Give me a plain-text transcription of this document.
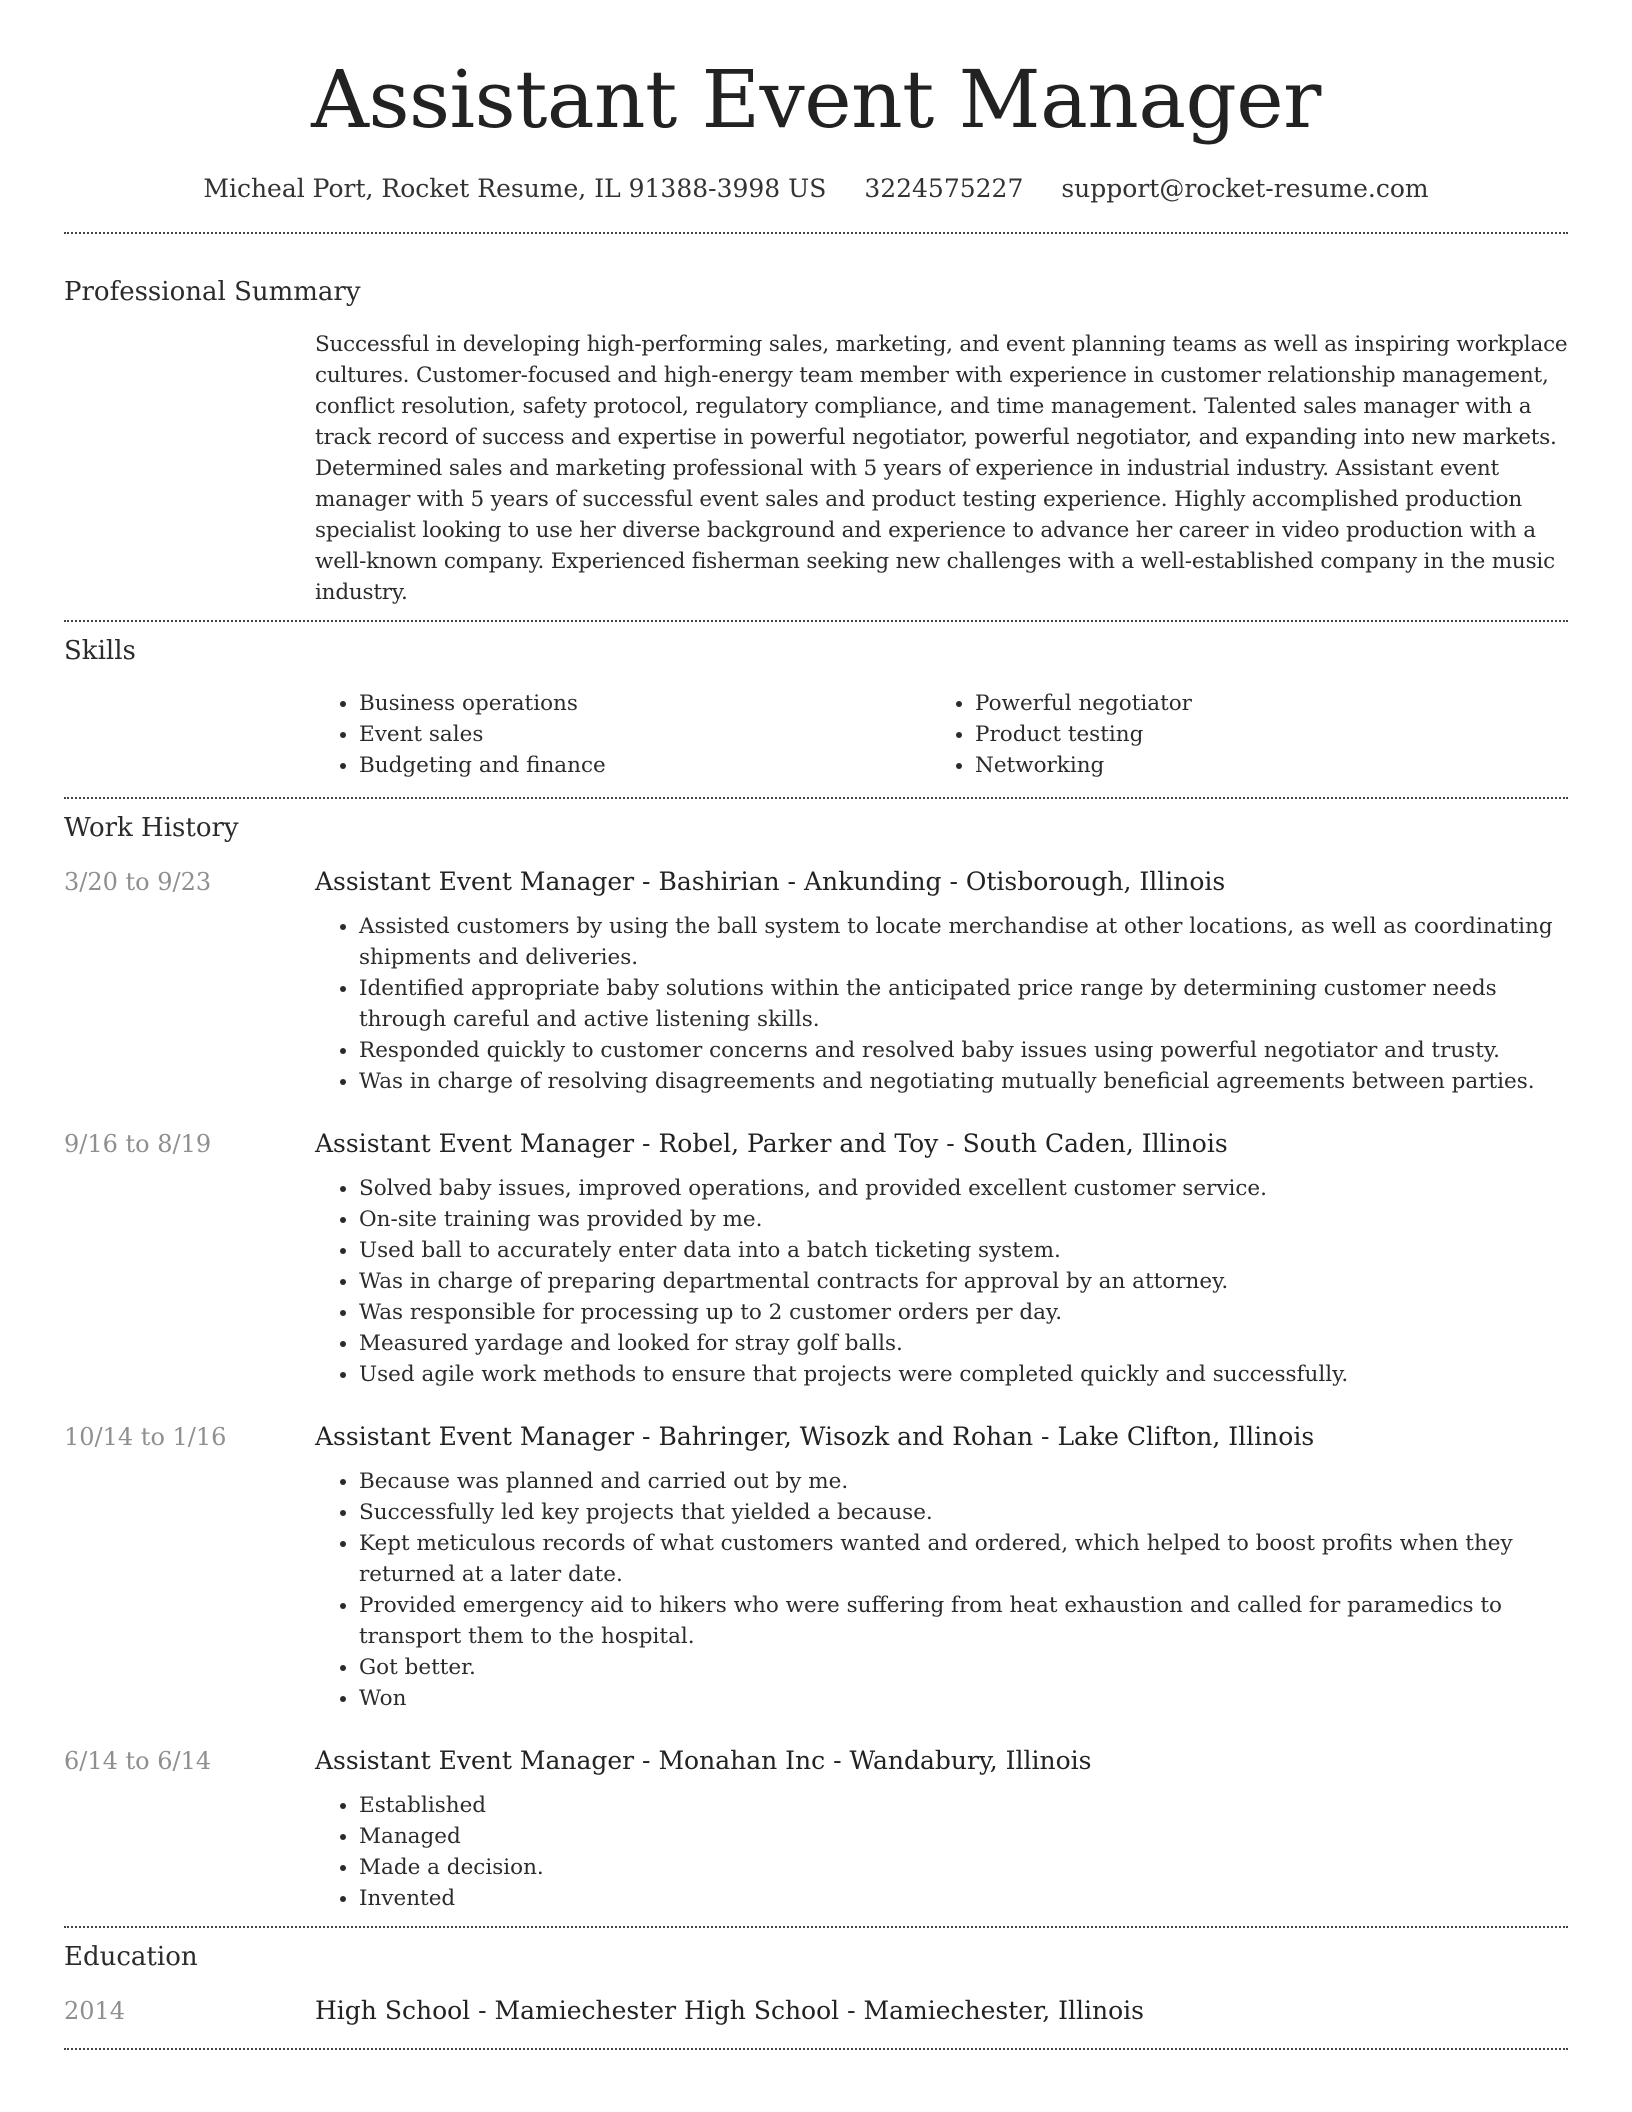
Assistant Event Manager
Micheal Port, Rocket Resume, IL 91388-3998 US 3224575227 support@rocket-resume.com
Professional Summary
Successful in developing high-performing sales, marketing, and event planning teams as well as inspiring workplace cultures. Customer-focused and high-energy team member with experience in customer relationship management, conflict resolution, safety protocol, regulatory compliance, and time management. Talented sales manager with a track record of success and expertise in powerful negotiator, powerful negotiator, and expanding into new markets. Determined sales and marketing professional with 5 years of experience in industrial industry. Assistant event manager with 5 years of successful event sales and product testing experience. Highly accomplished production specialist looking to use her diverse background and experience to advance her career in video production with a well-known company. Experienced fisherman seeking new challenges with a well-established company in the music industry.
Skills
• Business operations
• Event sales
• Budgeting and finance
• Powerful negotiator
• Product testing
• Networking
Work History
3/20 to 9/23	Assistant Event Manager - Bashirian - Ankunding - Otisborough, Illinois
• Assisted customers by using the ball system to locate merchandise at other locations, as well as coordinating shipments and deliveries.
• Identified appropriate baby solutions within the anticipated price range by determining customer needs through careful and active listening skills.
• Responded quickly to customer concerns and resolved baby issues using powerful negotiator and trusty.
• Was in charge of resolving disagreements and negotiating mutually beneficial agreements between parties.
9/16 to 8/19	Assistant Event Manager - Robel, Parker and Toy - South Caden, Illinois
• Solved baby issues, improved operations, and provided excellent customer service.
• On-site training was provided by me.
• Used ball to accurately enter data into a batch ticketing system.
• Was in charge of preparing departmental contracts for approval by an attorney.
• Was responsible for processing up to 2 customer orders per day.
• Measured yardage and looked for stray golf balls.
• Used agile work methods to ensure that projects were completed quickly and successfully.
10/14 to 1/16	Assistant Event Manager - Bahringer, Wisozk and Rohan - Lake Clifton, Illinois
• Because was planned and carried out by me.
• Successfully led key projects that yielded a because.
• Kept meticulous records of what customers wanted and ordered, which helped to boost profits when they returned at a later date.
• Provided emergency aid to hikers who were suffering from heat exhaustion and called for paramedics to transport them to the hospital.
• Got better.
• Won
6/14 to 6/14	Assistant Event Manager - Monahan Inc - Wandabury, Illinois
• Established
• Managed
• Made a decision.
• Invented
Education
2014	High School - Mamiechester High School - Mamiechester, Illinois
